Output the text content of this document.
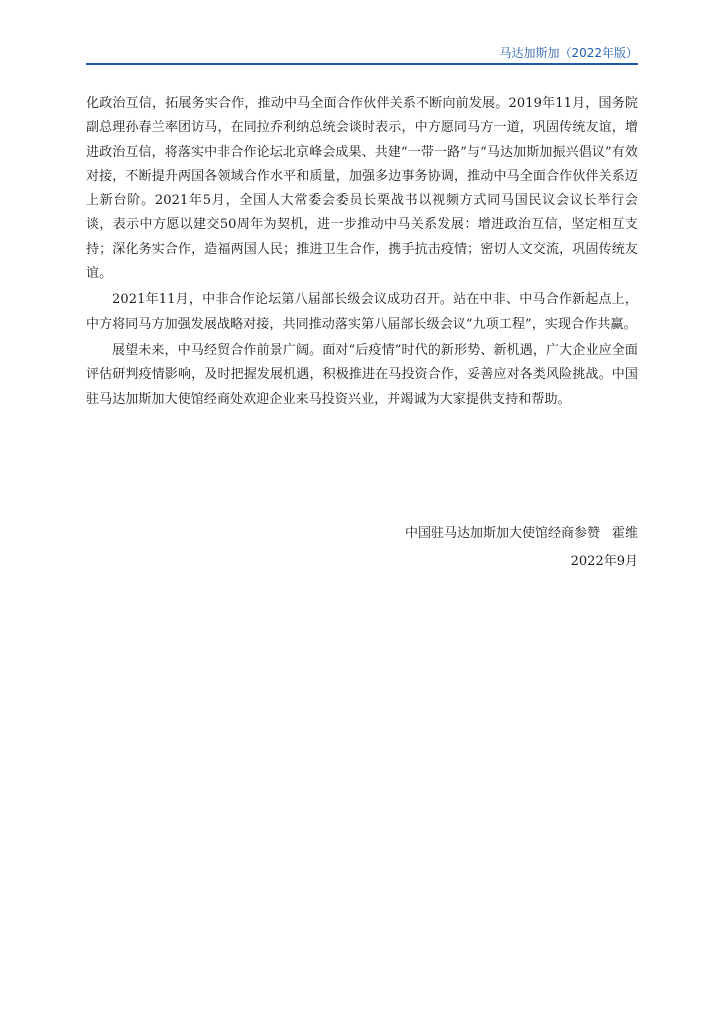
马达加斯加（2022年版）

化政治互信，拓展务实合作，推动中马全面合作伙伴关系不断向前发展。2019年11月，国务院副总理孙春兰率团访马，在同拉乔利纳总统会谈时表示，中方愿同马方一道，巩固传统友谊，增进政治互信，将落实中非合作论坛北京峰会成果、共建“一带一路”与“马达加斯加振兴倡议”有效对接，不断提升两国各领域合作水平和质量，加强多边事务协调，推动中马全面合作伙伴关系迈上新台阶。2021年5月，全国人大常委会委员长栗战书以视频方式同马国民议会议长举行会谈，表示中方愿以建交50周年为契机，进一步推动中马关系发展：增进政治互信，坚定相互支持；深化务实合作，造福两国人民；推进卫生合作，携手抗击疫情；密切人文交流，巩固传统友谊。

2021年11月，中非合作论坛第八届部长级会议成功召开。站在中非、中马合作新起点上，中方将同马方加强发展战略对接，共同推动落实第八届部长级会议“九项工程”，实现合作共赢。

展望未来，中马经贸合作前景广阔。面对“后疫情”时代的新形势、新机遇，广大企业应全面评估研判疫情影响，及时把握发展机遇，积极推进在马投资合作，妥善应对各类风险挑战。中国驻马达加斯加大使馆经商处欢迎企业来马投资兴业，并竭诚为大家提供支持和帮助。

中国驻马达加斯加大使馆经商参赞 霍维
2022年9月
